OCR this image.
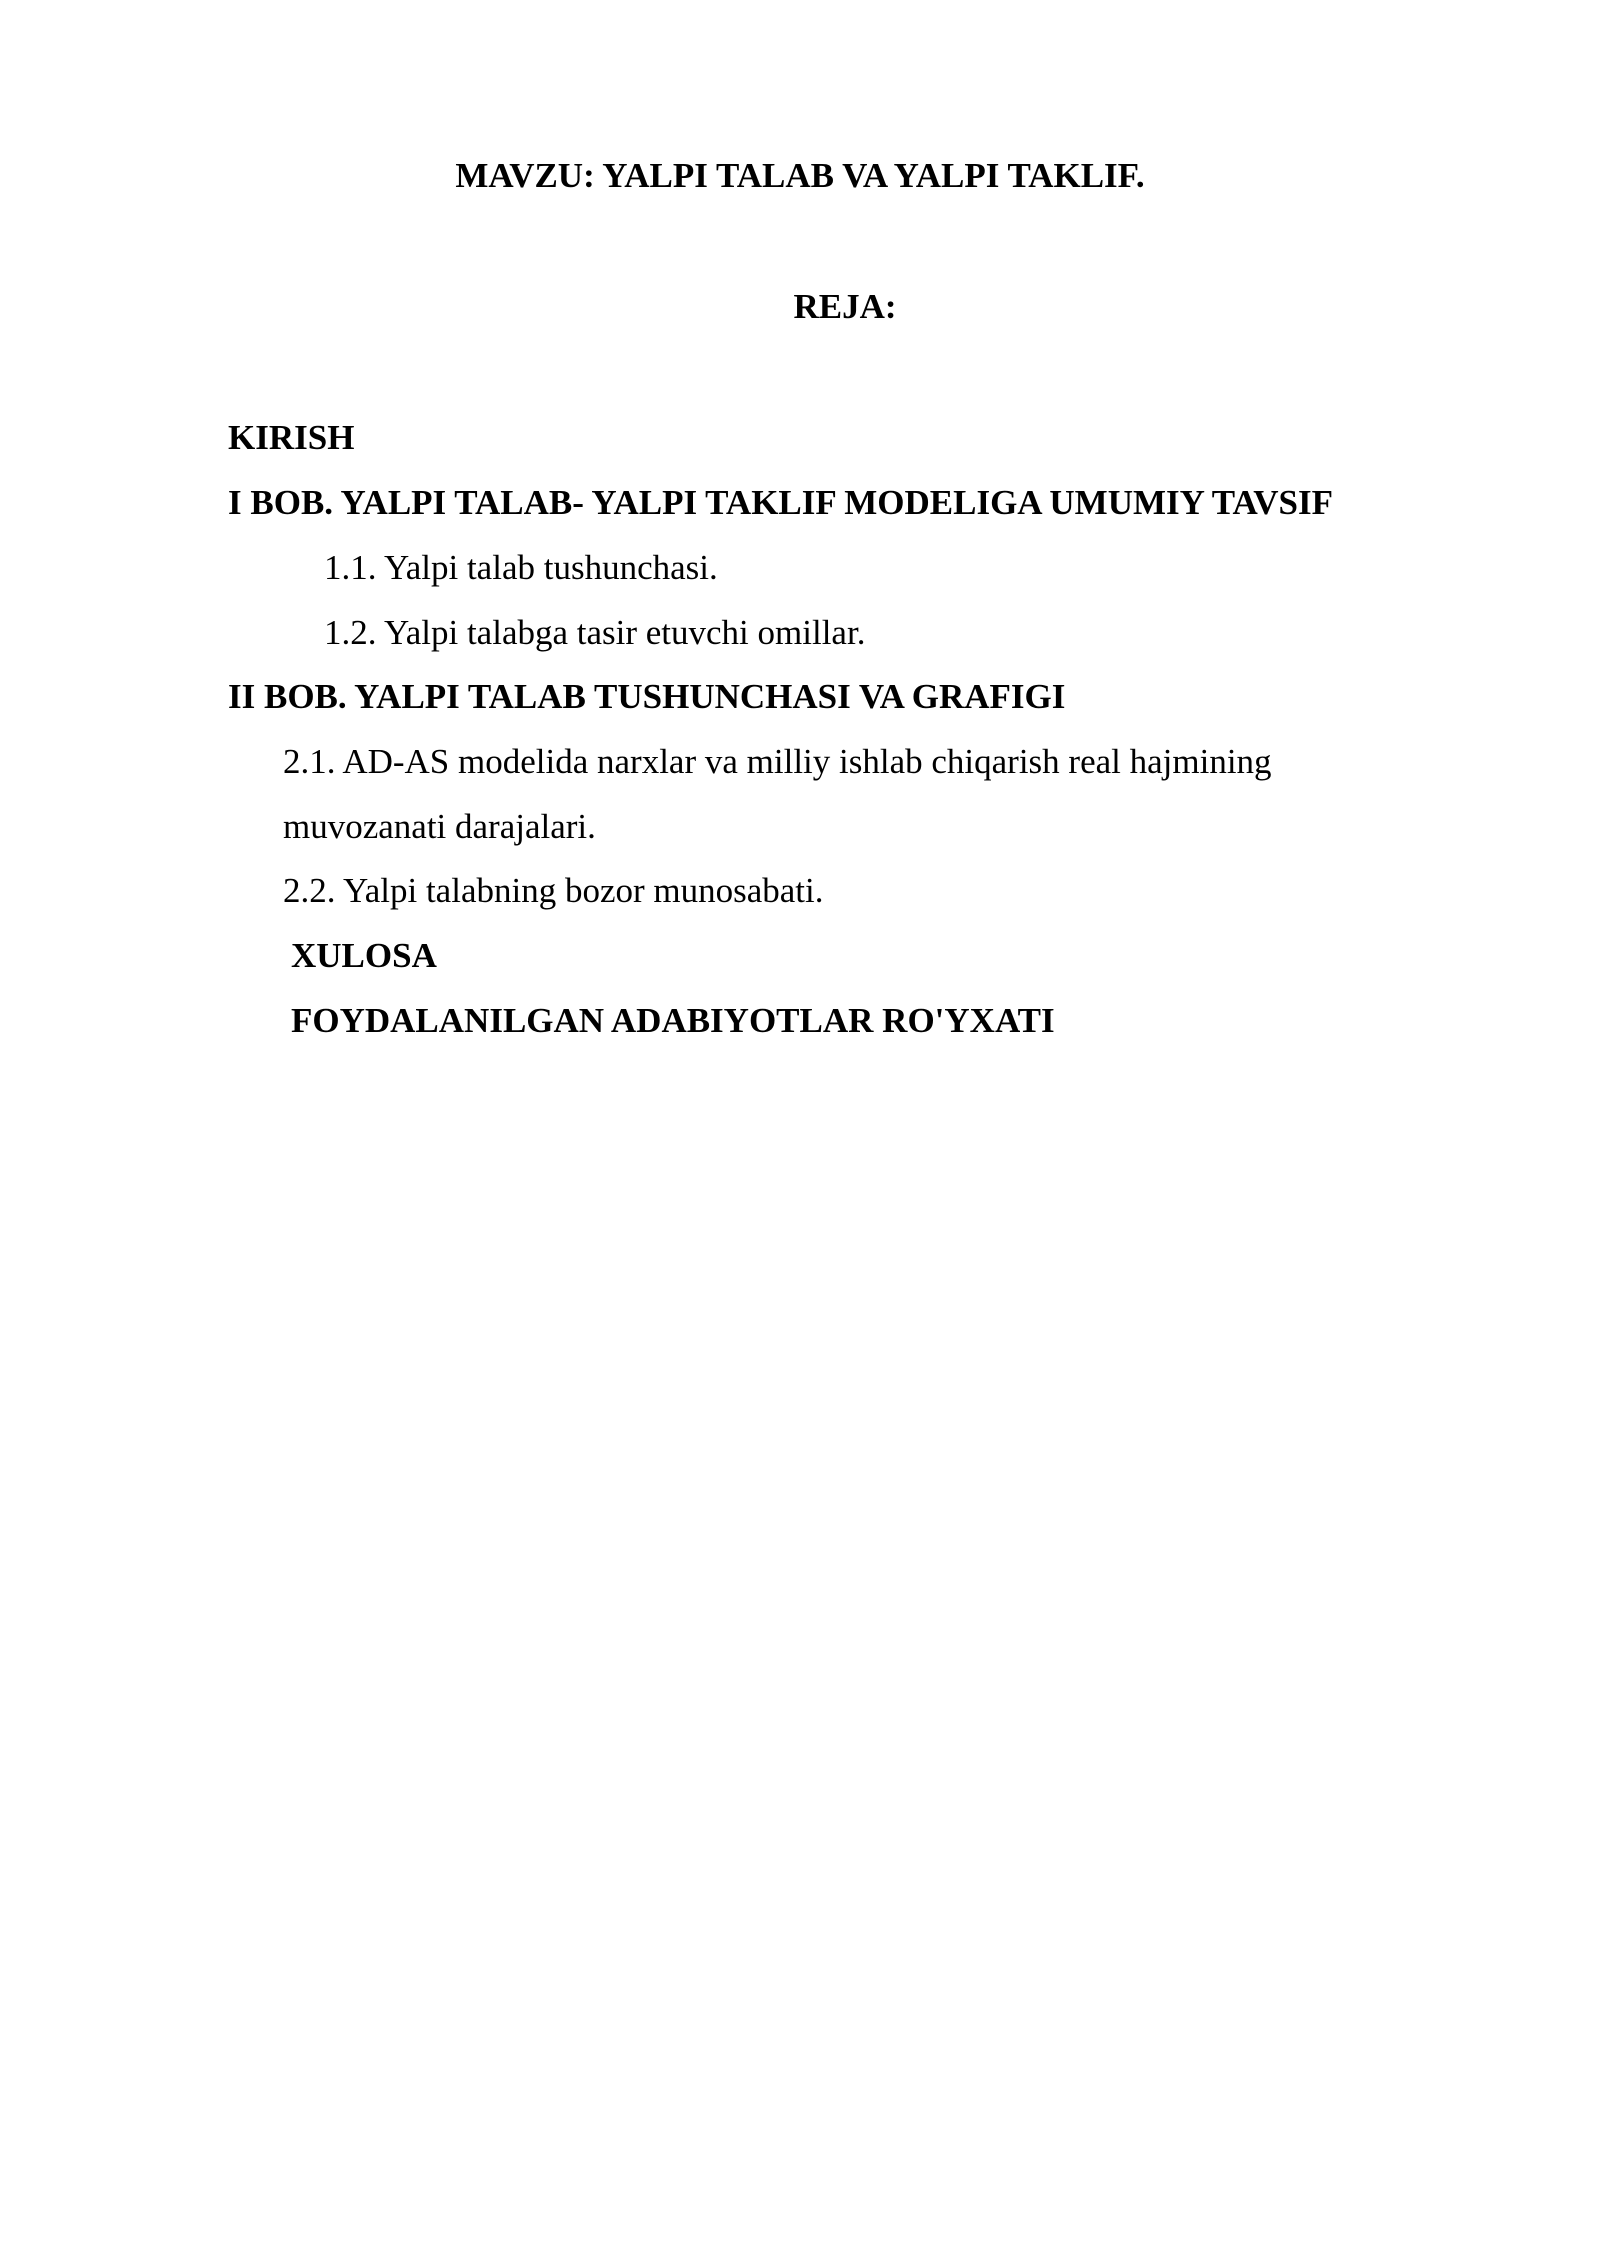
MAVZU: YALPI TALAB VA YALPI TAKLIF.
REJA:
KIRISH
I BOB. YALPI TALAB- YALPI TAKLIF MODELIGA UMUMIY TAVSIF
1.1. Yalpi talab tushunchasi.
1.2. Yalpi talabga tasir etuvchi omillar.
II BOB. YALPI TALAB TUSHUNCHASI VA GRAFIGI
2.1. AD-AS modelida narxlar va milliy ishlab chiqarish real hajmining
muvozanati darajalari.
2.2. Yalpi talabning bozor munosabati.
XULOSA
FOYDALANILGAN ADABIYOTLAR RO'YXATI
